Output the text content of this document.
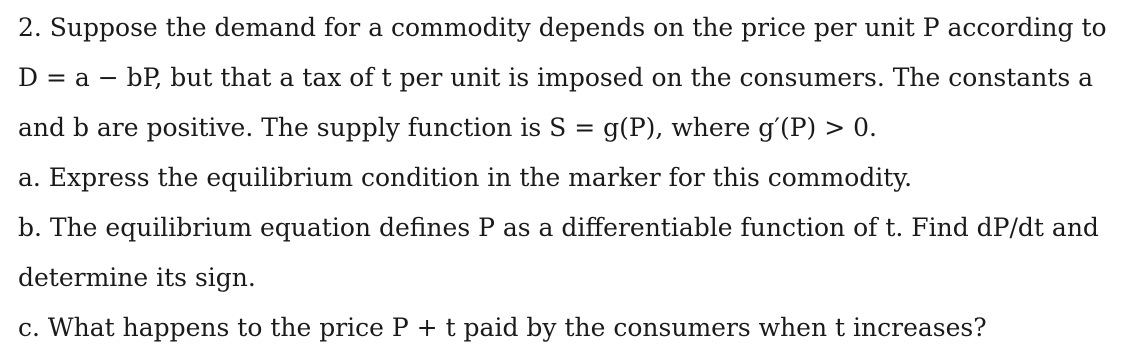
2. Suppose the demand for a commodity depends on the price per unit P according to
D = a − bP, but that a tax of t per unit is imposed on the consumers. The constants a
and b are positive. The supply function is S = g(P), where g′(P) > 0.
a. Express the equilibrium condition in the marker for this commodity.
b. The equilibrium equation defines P as a differentiable function of t. Find dP/dt and
determine its sign.
c. What happens to the price P + t paid by the consumers when t increases?
